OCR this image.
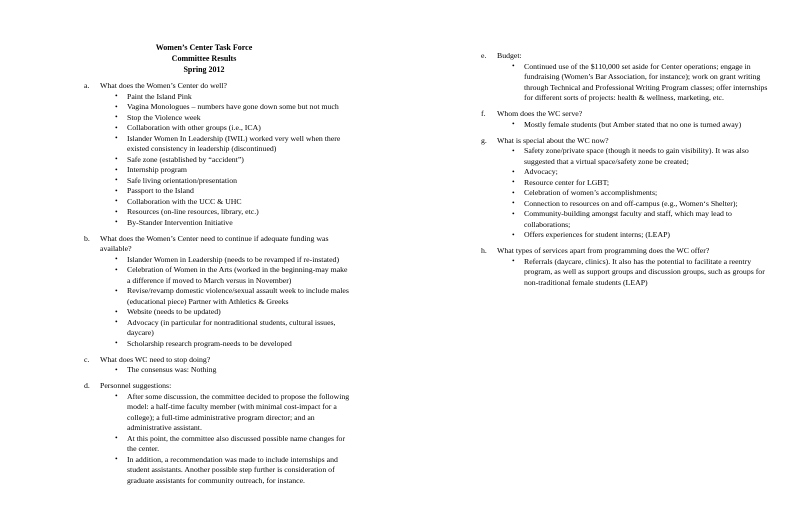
Women’s Center Task Force
Committee Results
Spring 2012
a.	What does the Women’s Center do well?
• Paint the Island Pink
• Vagina Monologues – numbers have gone down some but not much
• Stop the Violence week
• Collaboration with other groups (i.e., ICA)
• Islander Women In Leadership (IWIL) worked very well when there existed consistency in leadership (discontinued)
• Safe zone (established by “accident”)
• Internship program
• Safe living orientation/presentation
• Passport to the Island
• Collaboration with the UCC & UHC
• Resources (on-line resources, library, etc.)
• By-Stander Intervention Initiative
b.	What does the Women’s Center need to continue if adequate funding was available?
• Islander Women in Leadership (needs to be revamped if re-instated)
• Celebration of Women in the Arts (worked in the beginning-may make a difference if moved to March versus in November)
• Revise/revamp domestic violence/sexual assault week to include males (educational piece) Partner with Athletics & Greeks
• Website (needs to be updated)
• Advocacy (in particular for nontraditional students, cultural issues, daycare)
• Scholarship research program-needs to be developed
c.	What does WC need to stop doing?
• The consensus was: Nothing
d.	Personnel suggestions:
• After some discussion, the committee decided to propose the following model: a half-time faculty member (with minimal cost-impact for a college); a full-time administrative program director; and an administrative assistant.
• At this point, the committee also discussed possible name changes for the center.
• In addition, a recommendation was made to include internships and student assistants. Another possible step further is consideration of graduate assistants for community outreach, for instance.
e.	Budget:
• Continued use of the $110,000 set aside for Center operations; engage in fundraising (Women’s Bar Association, for instance); work on grant writing through Technical and Professional Writing Program classes; offer internships for different sorts of projects: health & wellness, marketing, etc.
f.	Whom does the WC serve?
• Mostly female students (but Amber stated that no one is turned away)
g.	What is special about the WC now?
• Safety zone/private space (though it needs to gain visibility). It was also suggested that a virtual space/safety zone be created;
• Advocacy;
• Resource center for LGBT;
• Celebration of women’s accomplishments;
• Connection to resources on and off-campus (e.g., Women‘s Shelter);
• Community-building amongst faculty and staff, which may lead to collaborations;
• Offers experiences for student interns; (LEAP)
h.	What types of services apart from programming does the WC offer?
• Referrals (daycare, clinics). It also has the potential to facilitate a reentry program, as well as support groups and discussion groups, such as groups for non-traditional female students (LEAP)
